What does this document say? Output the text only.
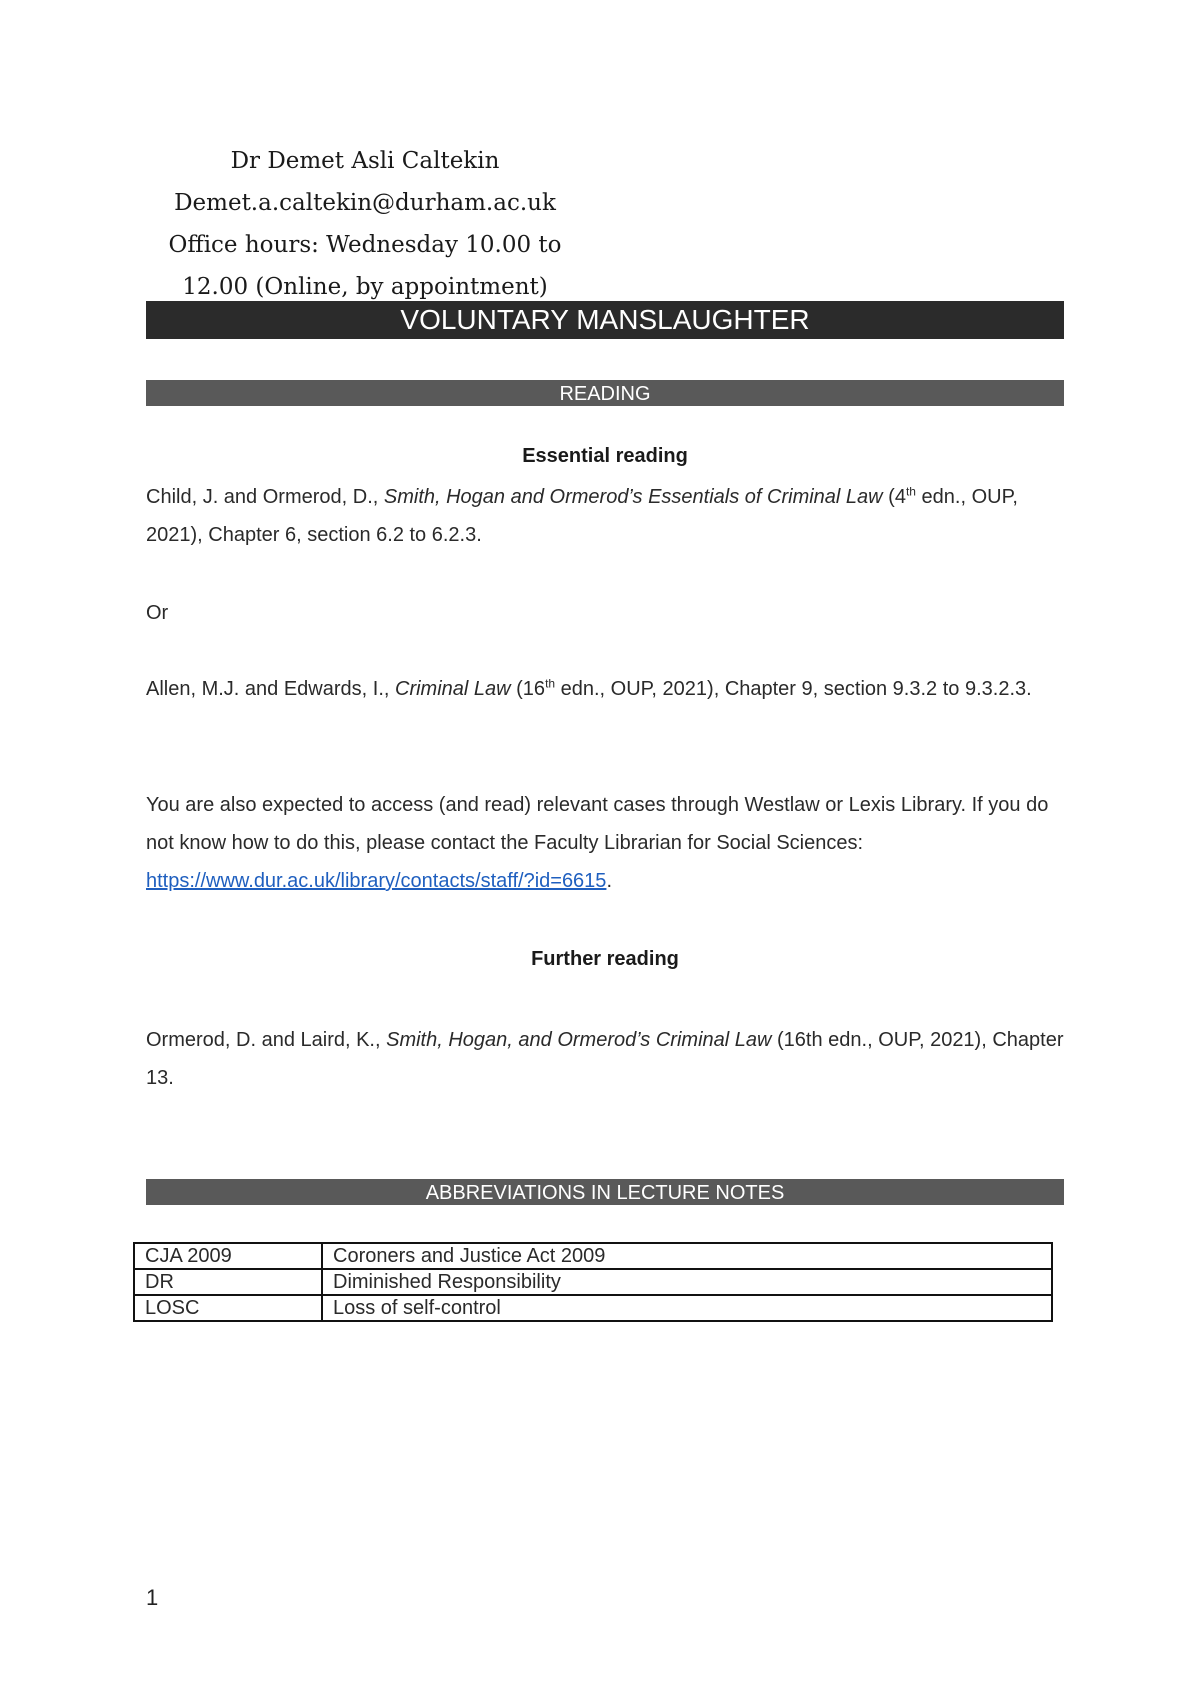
Dr Demet Asli Caltekin
Demet.a.caltekin@durham.ac.uk
Office hours: Wednesday 10.00 to
12.00 (Online, by appointment)
VOLUNTARY MANSLAUGHTER
READING
Essential reading
Child, J. and Ormerod, D., Smith, Hogan and Ormerod’s Essentials of Criminal Law (4th edn., OUP, 2021), Chapter 6, section 6.2 to 6.2.3.
Or
Allen, M.J. and Edwards, I., Criminal Law (16th edn., OUP, 2021), Chapter 9, section 9.3.2 to 9.3.2.3.
You are also expected to access (and read) relevant cases through Westlaw or Lexis Library. If you do not know how to do this, please contact the Faculty Librarian for Social Sciences: https://www.dur.ac.uk/library/contacts/staff/?id=6615.
Further reading
Ormerod, D. and Laird, K., Smith, Hogan, and Ormerod’s Criminal Law (16th edn., OUP, 2021), Chapter 13.
ABBREVIATIONS IN LECTURE NOTES
CJA 2009	Coroners and Justice Act 2009
DR	Diminished Responsibility
LOSC	Loss of self-control
1
